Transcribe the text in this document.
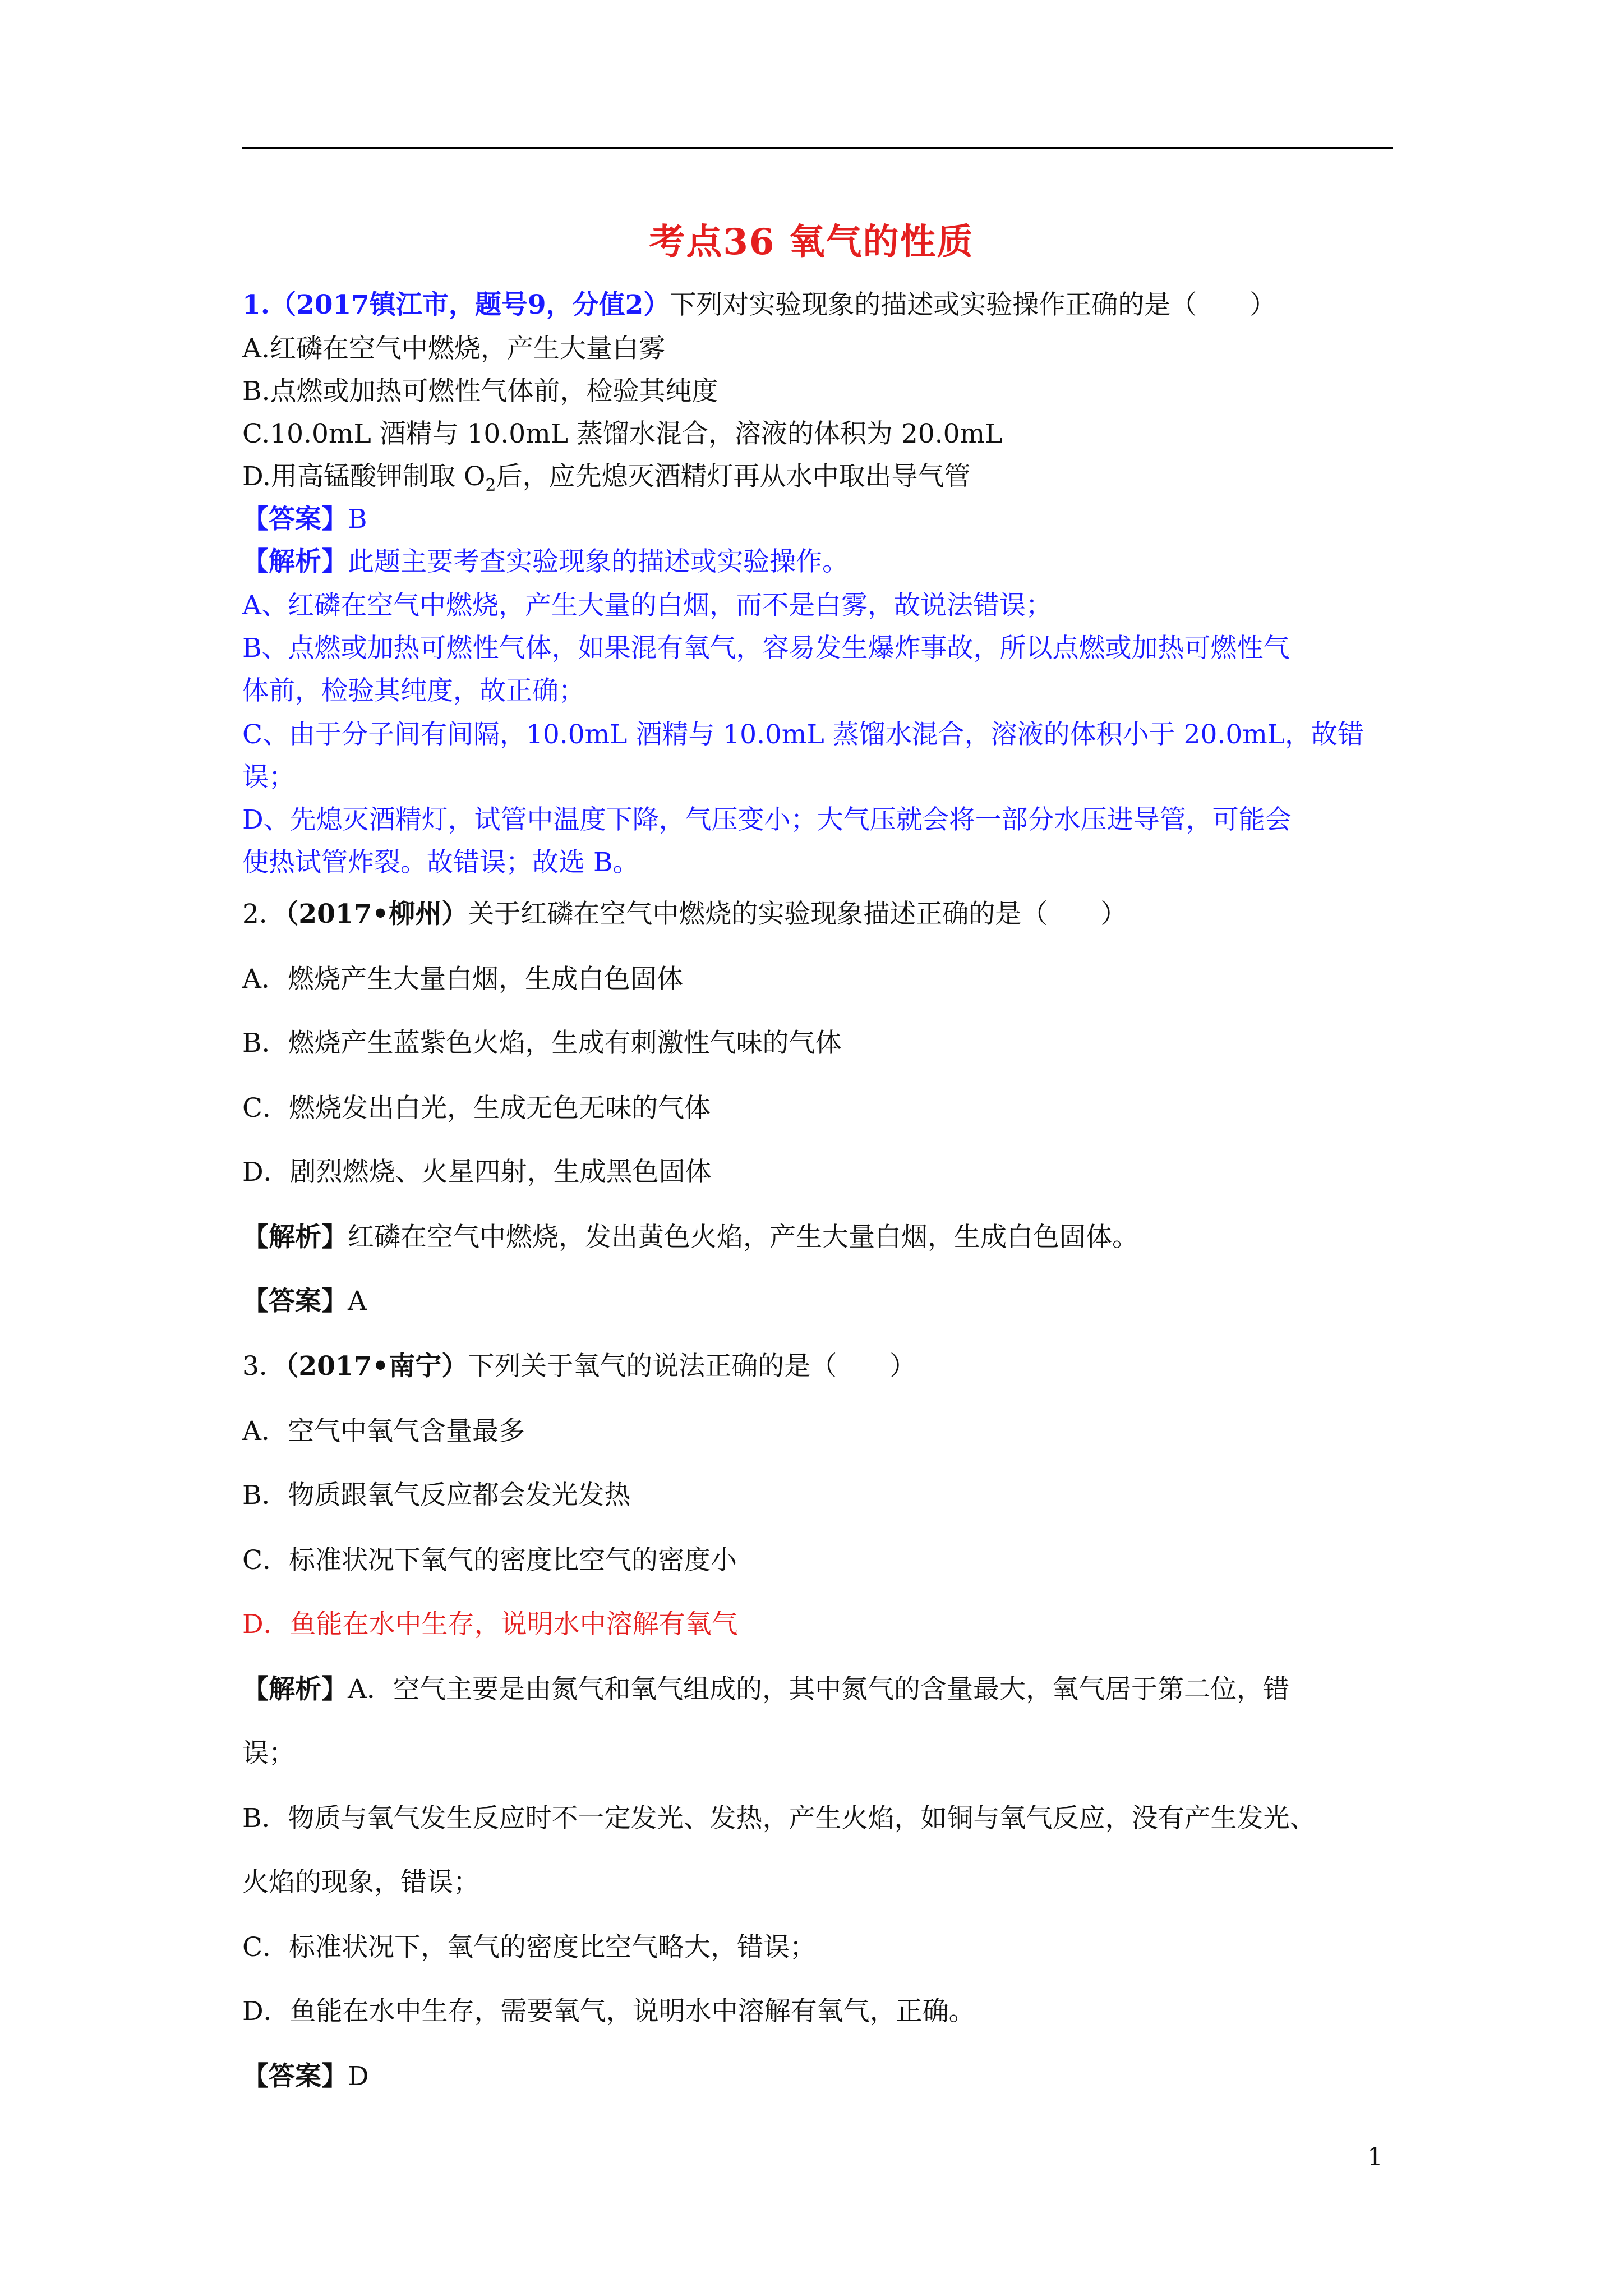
考点36 氧气的性质
1.（2017镇江市，题号9，分值2）下列对实验现象的描述或实验操作正确的是（　　）
A.红磷在空气中燃烧，产生大量白雾
B.点燃或加热可燃性气体前，检验其纯度
C.10.0mL 酒精与 10.0mL 蒸馏水混合，溶液的体积为 20.0mL
D.用高锰酸钾制取 $O_2$后，应先熄灭酒精灯再从水中取出导气管
【答案】B
【解析】此题主要考查实验现象的描述或实验操作。
A、红磷在空气中燃烧，产生大量的白烟，而不是白雾，故说法错误；
B、点燃或加热可燃性气体，如果混有氧气，容易发生爆炸事故，所以点燃或加热可燃性气
体前，检验其纯度，故正确；
C、由于分子间有间隔，10.0mL 酒精与 10.0mL 蒸馏水混合，溶液的体积小于 20.0mL，故错
误；
D、先熄灭酒精灯，试管中温度下降，气压变小；大气压就会将一部分水压进导管，可能会
使热试管炸裂。故错误；故选 B。
2．（2017•柳州）关于红磷在空气中燃烧的实验现象描述正确的是（　　）
A．燃烧产生大量白烟，生成白色固体
B．燃烧产生蓝紫色火焰，生成有刺激性气味的气体
C．燃烧发出白光，生成无色无味的气体
D．剧烈燃烧、火星四射，生成黑色固体
【解析】红磷在空气中燃烧，发出黄色火焰，产生大量白烟，生成白色固体。
【答案】A
3．（2017•南宁）下列关于氧气的说法正确的是（　　）
A．空气中氧气含量最多
B．物质跟氧气反应都会发光发热
C．标准状况下氧气的密度比空气的密度小
D．鱼能在水中生存，说明水中溶解有氧气
【解析】A．空气主要是由氮气和氧气组成的，其中氮气的含量最大，氧气居于第二位，错
误；
B．物质与氧气发生反应时不一定发光、发热，产生火焰，如铜与氧气反应，没有产生发光、
火焰的现象，错误；
C．标准状况下，氧气的密度比空气略大，错误；
D．鱼能在水中生存，需要氧气，说明水中溶解有氧气，正确。
【答案】D
1
